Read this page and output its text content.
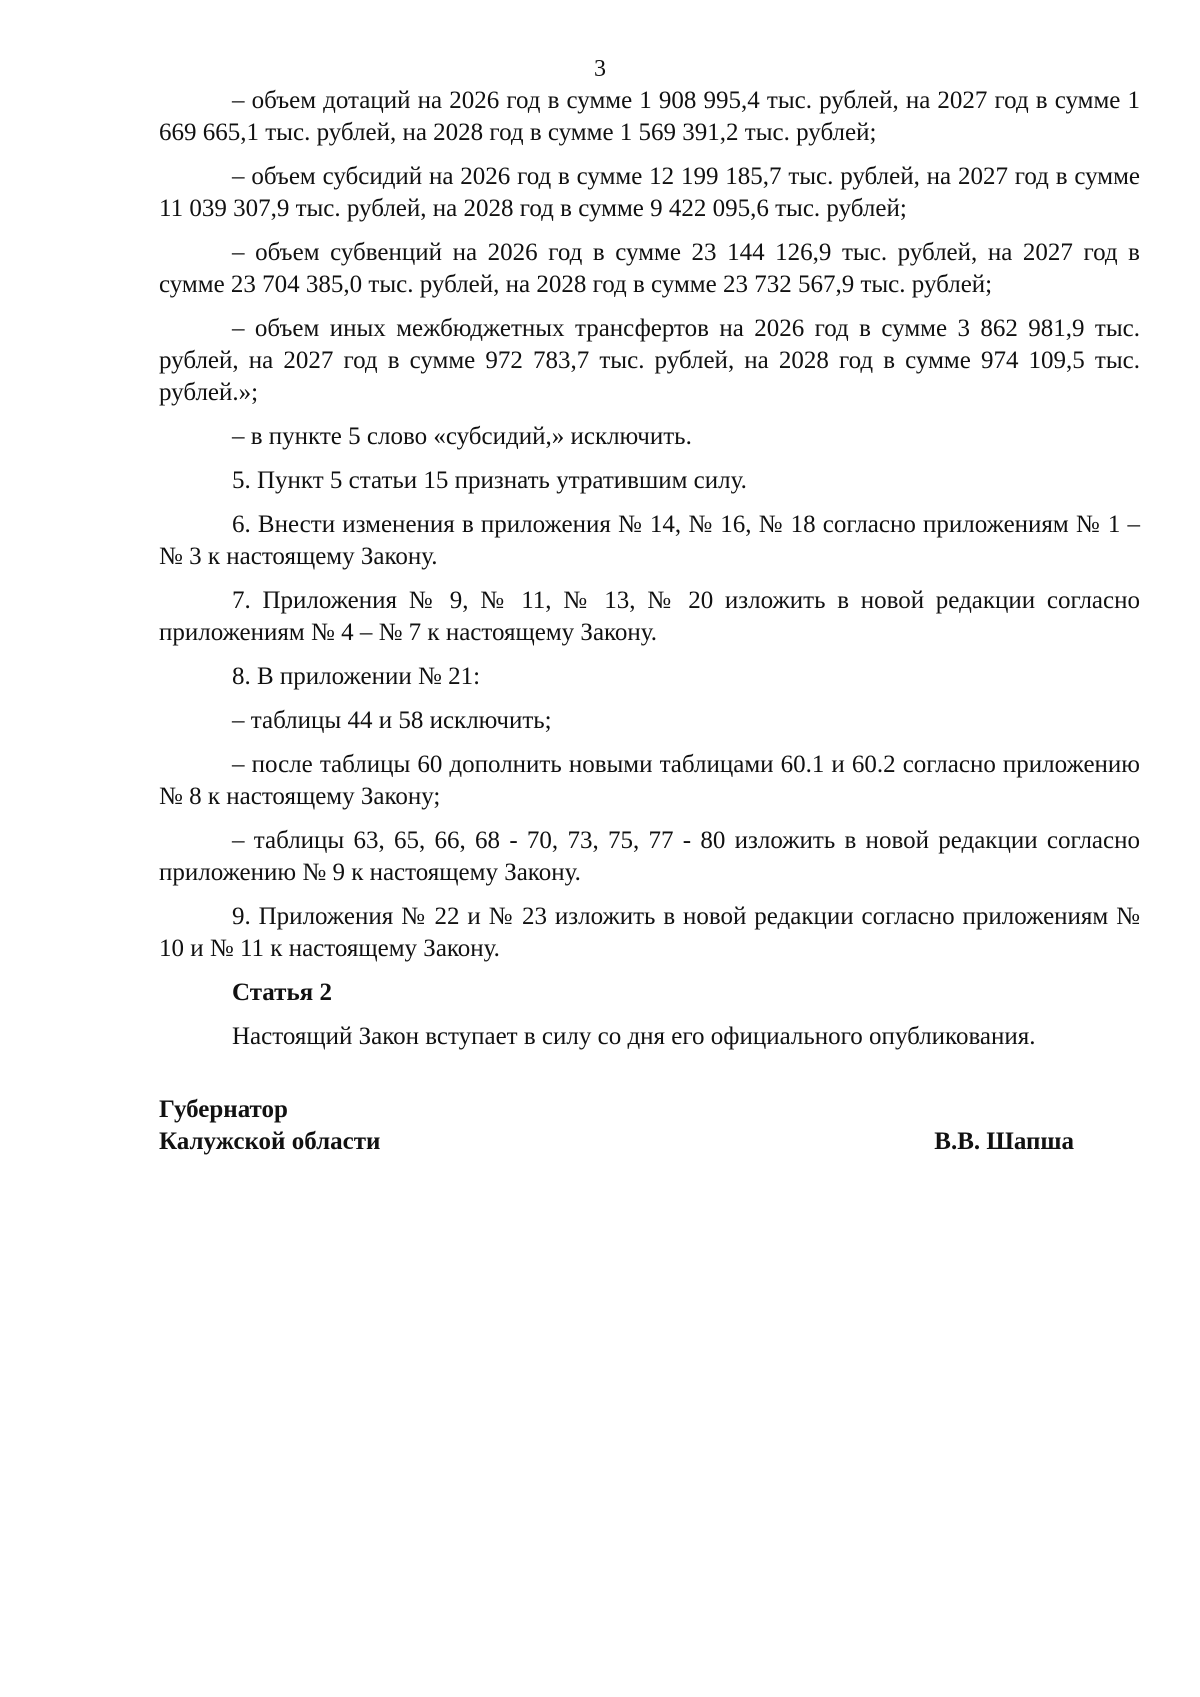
3

– объем дотаций на 2026 год в сумме 1 908 995,4 тыс. рублей, на 2027 год в сумме 1 669 665,1 тыс. рублей, на 2028 год в сумме 1 569 391,2 тыс. рублей;

– объем субсидий на 2026 год в сумме 12 199 185,7 тыс. рублей, на 2027 год в сумме 11 039 307,9 тыс. рублей, на 2028 год в сумме 9 422 095,6 тыс. рублей;

– объем субвенций на 2026 год в сумме 23 144 126,9 тыс. рублей, на 2027 год в сумме 23 704 385,0 тыс. рублей, на 2028 год в сумме 23 732 567,9 тыс. рублей;

– объем иных межбюджетных трансфертов на 2026 год в сумме 3 862 981,9 тыс. рублей, на 2027 год в сумме 972 783,7 тыс. рублей, на 2028 год в сумме 974 109,5 тыс. рублей.»;

– в пункте 5 слово «субсидий,» исключить.

5. Пункт 5 статьи 15 признать утратившим силу.

6. Внести изменения в приложения № 14, № 16, № 18 согласно приложениям № 1 – № 3 к настоящему Закону.

7. Приложения № 9, № 11, № 13, № 20 изложить в новой редакции согласно приложениям № 4 – № 7 к настоящему Закону.

8. В приложении № 21:

– таблицы 44 и 58 исключить;

– после таблицы 60 дополнить новыми таблицами 60.1 и 60.2 согласно приложению № 8 к настоящему Закону;

– таблицы 63, 65, 66, 68 - 70, 73, 75, 77 - 80 изложить в новой редакции согласно приложению № 9 к настоящему Закону.

9. Приложения № 22 и № 23 изложить в новой редакции согласно приложениям № 10 и № 11 к настоящему Закону.

Статья 2

Настоящий Закон вступает в силу со дня его официального опубликования.

Губернатор
Калужской области	В.В. Шапша
